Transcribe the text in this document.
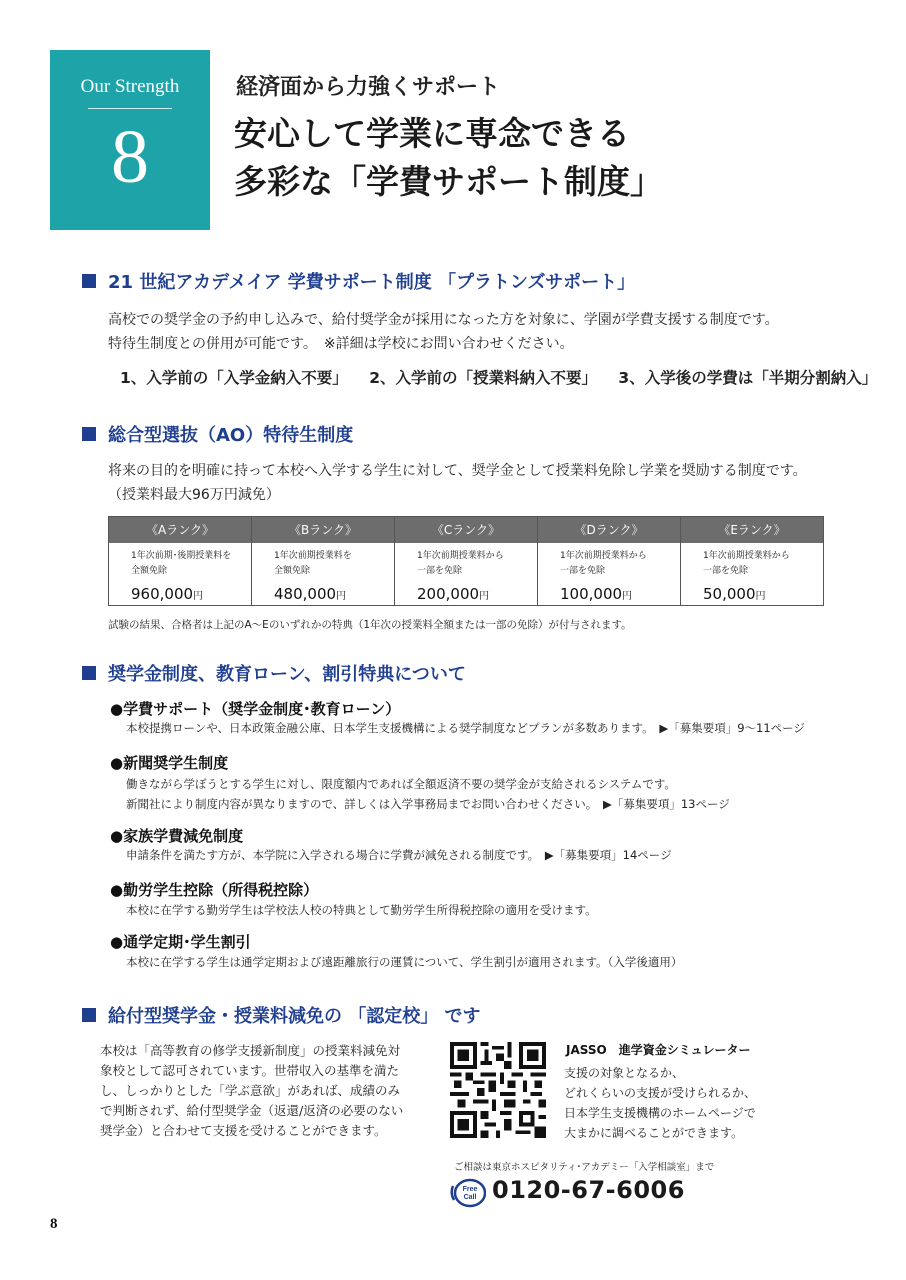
Our Strength
8
経済面から力強くサポート
安心して学業に専念できる
多彩な「学費サポート制度」
21 世紀アカデメイア 学費サポート制度 「プラトンズサポート」
高校での奨学金の予約申し込みで、給付奨学金が採用になった方を対象に、学園が学費支援する制度です。
特待生制度との併用が可能です。　※詳細は学校にお問い合わせください。
1、入学前の「入学金納入不要」 2、入学前の「授業料納入不要」 3、入学後の学費は「半期分割納入」
総合型選抜（AO）特待生制度
将来の目的を明確に持って本校へ入学する学生に対して、奨学金として授業料免除し学業を奨励する制度です。
（授業料最大96万円減免）
《Aランク》
1年次前期･後期授業料を
全額免除
960,000円
《Bランク》
1年次前期授業料を
全額免除
480,000円
《Cランク》
1年次前期授業料から
一部を免除
200,000円
《Dランク》
1年次前期授業料から
一部を免除
100,000円
《Eランク》
1年次前期授業料から
一部を免除
50,000円
試験の結果、合格者は上記のA～Eのいずれかの特典（1年次の授業料全額または一部の免除）が付与されます。
奨学金制度、教育ローン、割引特典について
●学費サポート（奨学金制度･教育ローン）
本校提携ローンや、日本政策金融公庫、日本学生支援機構による奨学制度などプランが多数あります。　▶「募集要項」9～11ページ
●新聞奨学生制度
働きながら学ぼうとする学生に対し、限度額内であれば全額返済不要の奨学金が支給されるシステムです。
新聞社により制度内容が異なりますので、詳しくは入学事務局までお問い合わせください。　▶「募集要項」13ページ
●家族学費減免制度
申請条件を満たす方が、本学院に入学される場合に学費が減免される制度です。　▶「募集要項」14ページ
●勤労学生控除（所得税控除）
本校に在学する勤労学生は学校法人校の特典として勤労学生所得税控除の適用を受けます。
●通学定期･学生割引
本校に在学する学生は通学定期および遠距離旅行の運賃について、学生割引が適用されます。（入学後適用）
給付型奨学金・授業料減免の 「認定校」 です
本校は「高等教育の修学支援新制度」の授業料減免対象校として認可されています。世帯収入の基準を満たし、しっかりとした「学ぶ意欲」があれば、成績のみで判断されず、給付型奨学金（返還/返済の必要のない奨学金）と合わせて支援を受けることができます。
JASSO　進学資金シミュレーター
支援の対象となるか、
どれくらいの支援が受けられるか、
日本学生支援機構のホームページで
大まかに調べることができます。
ご相談は東京ホスピタリティ･アカデミー「入学相談室」まで
Free
Call 0120-67-6006
8
